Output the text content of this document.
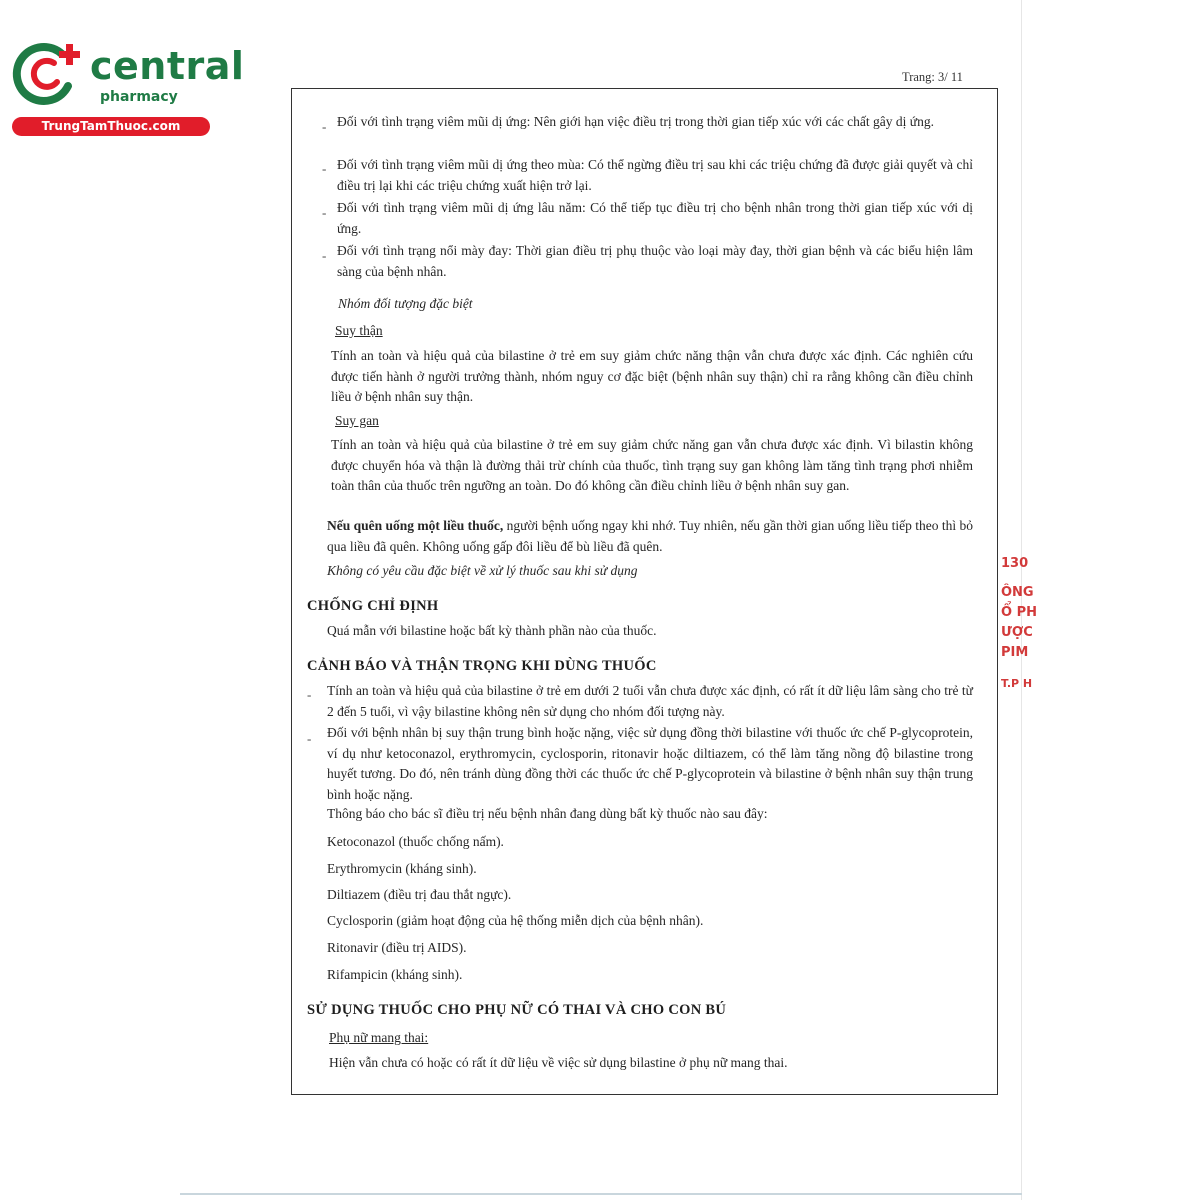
central
pharmacy
TrungTamThuoc.com
Trang: 3/ 11
- Đối với tình trạng viêm mũi dị ứng: Nên giới hạn việc điều trị trong thời gian tiếp xúc với các chất gây dị ứng.
- Đối với tình trạng viêm mũi dị ứng theo mùa: Có thể ngừng điều trị sau khi các triệu chứng đã được giải quyết và chỉ điều trị lại khi các triệu chứng xuất hiện trở lại.
- Đối với tình trạng viêm mũi dị ứng lâu năm: Có thể tiếp tục điều trị cho bệnh nhân trong thời gian tiếp xúc với dị ứng.
- Đối với tình trạng nổi mày đay: Thời gian điều trị phụ thuộc vào loại mày đay, thời gian bệnh và các biểu hiện lâm sàng của bệnh nhân.
Nhóm đối tượng đặc biệt
Suy thận
Tính an toàn và hiệu quả của bilastine ở trẻ em suy giảm chức năng thận vẫn chưa được xác định. Các nghiên cứu được tiến hành ở người trưởng thành, nhóm nguy cơ đặc biệt (bệnh nhân suy thận) chỉ ra rằng không cần điều chỉnh liều ở bệnh nhân suy thận.
Suy gan
Tính an toàn và hiệu quả của bilastine ở trẻ em suy giảm chức năng gan vẫn chưa được xác định. Vì bilastin không được chuyển hóa và thận là đường thải trừ chính của thuốc, tình trạng suy gan không làm tăng tình trạng phơi nhiễm toàn thân của thuốc trên ngưỡng an toàn. Do đó không cần điều chỉnh liều ở bệnh nhân suy gan.
Nếu quên uống một liều thuốc, người bệnh uống ngay khi nhớ. Tuy nhiên, nếu gần thời gian uống liều tiếp theo thì bỏ qua liều đã quên. Không uống gấp đôi liều để bù liều đã quên.
Không có yêu cầu đặc biệt về xử lý thuốc sau khi sử dụng
CHỐNG CHỈ ĐỊNH
Quá mẫn với bilastine hoặc bất kỳ thành phần nào của thuốc.
CẢNH BÁO VÀ THẬN TRỌNG KHI DÙNG THUỐC
- Tính an toàn và hiệu quả của bilastine ở trẻ em dưới 2 tuổi vẫn chưa được xác định, có rất ít dữ liệu lâm sàng cho trẻ từ 2 đến 5 tuổi, vì vậy bilastine không nên sử dụng cho nhóm đối tượng này.
- Đối với bệnh nhân bị suy thận trung bình hoặc nặng, việc sử dụng đồng thời bilastine với thuốc ức chế P-glycoprotein, ví dụ như ketoconazol, erythromycin, cyclosporin, ritonavir hoặc diltiazem, có thể làm tăng nồng độ bilastine trong huyết tương. Do đó, nên tránh dùng đồng thời các thuốc ức chế P-glycoprotein và bilastine ở bệnh nhân suy thận trung bình hoặc nặng.
Thông báo cho bác sĩ điều trị nếu bệnh nhân đang dùng bất kỳ thuốc nào sau đây:
Ketoconazol (thuốc chống nấm).
Erythromycin (kháng sinh).
Diltiazem (điều trị đau thắt ngực).
Cyclosporin (giảm hoạt động của hệ thống miễn dịch của bệnh nhân).
Ritonavir (điều trị AIDS).
Rifampicin (kháng sinh).
SỬ DỤNG THUỐC CHO PHỤ NỮ CÓ THAI VÀ CHO CON BÚ
Phụ nữ mang thai:
Hiện vẫn chưa có hoặc có rất ít dữ liệu về việc sử dụng bilastine ở phụ nữ mang thai.
130
ÔNG
Ổ PH
ƯỢC
PIM
T.P H
